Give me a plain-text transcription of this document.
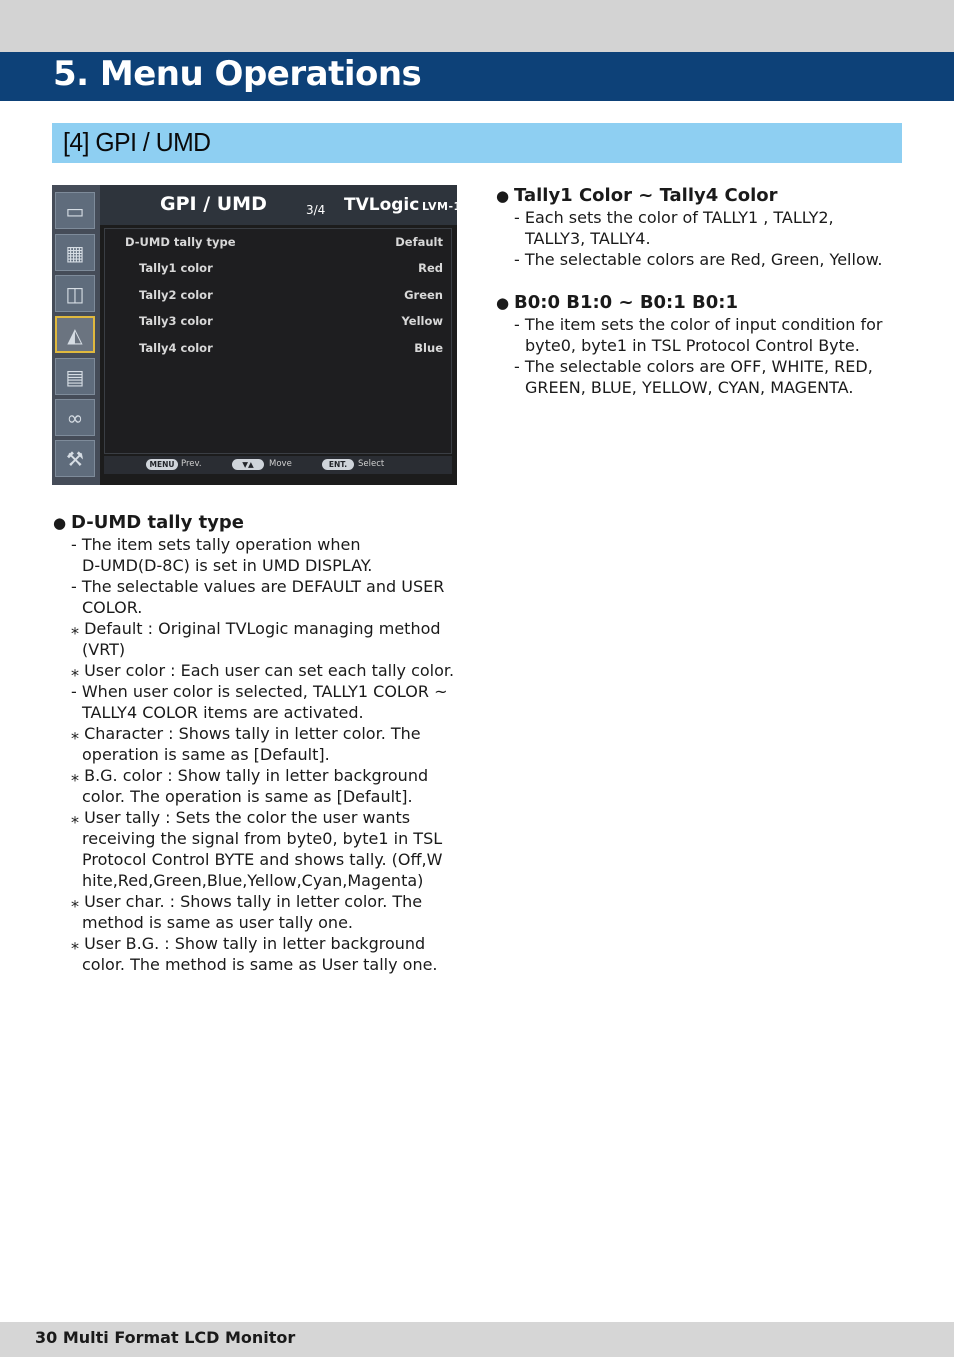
5. Menu Operations
[4] GPI / UMD
▭
▦
◫
◭
▤
∞
⚒
GPI / UMD	3/4 TVLogic LVM-170A
D-UMD tally type	Default
Tally1 color	Red
Tally2 color	Green
Tally3 color	Yellow
Tally4 color	Blue
MENU Prev.	▼▲	Move	ENT.	Select
● D-UMD tally type
- The item sets tally operation when
D-UMD(D-8C) is set in UMD DISPLAY.
- The selectable values are DEFAULT and USER
COLOR.
⁎ Default : Original TVLogic managing method
(VRT)
⁎ User color : Each user can set each tally color.
- When user color is selected, TALLY1 COLOR ~
TALLY4 COLOR items are activated.
⁎ Character : Shows tally in letter color. The
operation is same as [Default].
⁎ B.G. color : Show tally in letter background
color. The operation is same as [Default].
⁎ User tally : Sets the color the user wants
receiving the signal from byte0, byte1 in TSL
Protocol Control BYTE and shows tally. (Off,W
hite,Red,Green,Blue,Yellow,Cyan,Magenta)
⁎ User char. : Shows tally in letter color. The
method is same as user tally one.
⁎ User B.G. : Show tally in letter background
color. The method is same as User tally one.
● Tally1 Color ~ Tally4 Color
- Each sets the color of TALLY1 , TALLY2,
TALLY3, TALLY4.
- The selectable colors are Red, Green, Yellow.
● B0:0 B1:0 ~ B0:1 B0:1
- The item sets the color of input condition for
byte0, byte1 in TSL Protocol Control Byte.
- The selectable colors are OFF, WHITE, RED,
GREEN, BLUE, YELLOW, CYAN, MAGENTA.
30 Multi Format LCD Monitor
